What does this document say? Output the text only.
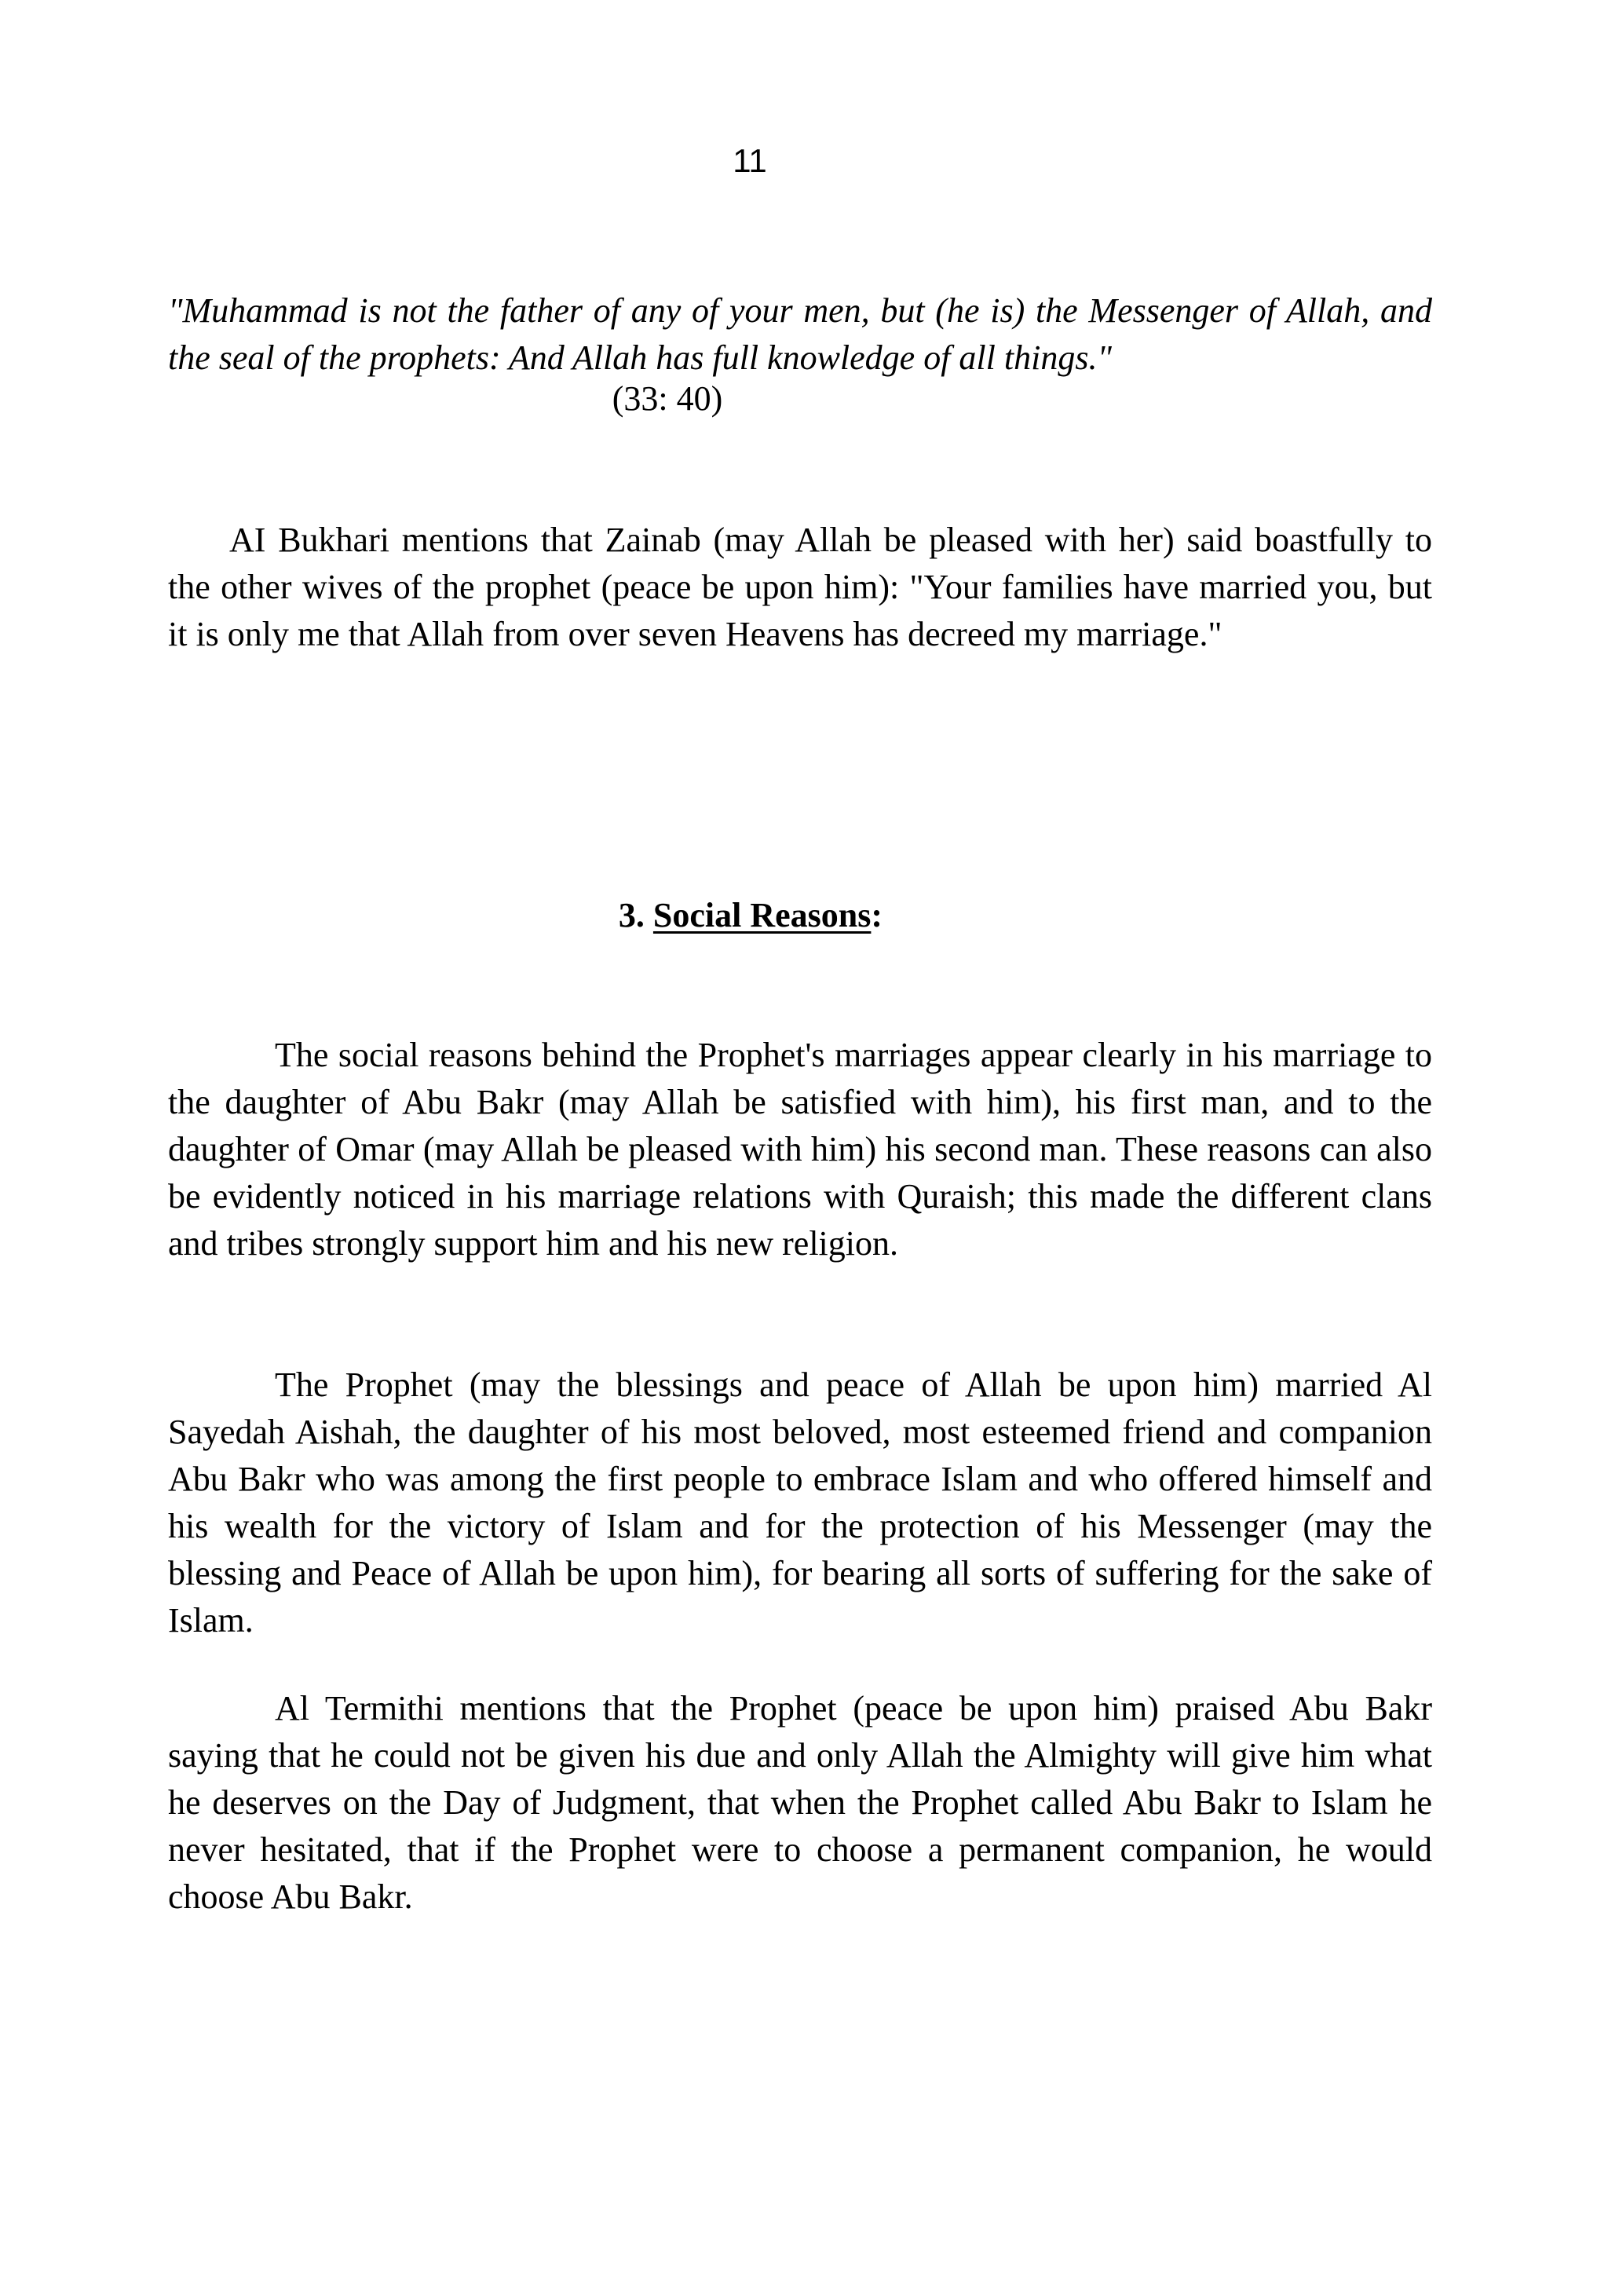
11

"Muhammad is not the father of any of your men, but (he is) the Messenger of Allah, and the seal of the prophets: And Allah has full knowledge of all things."

(33: 40)

AI Bukhari mentions that Zainab (may Allah be pleased with her) said boastfully to the other wives of the prophet (peace be upon him): "Your families have married you, but it is only me that Allah from over seven Heavens has decreed my marriage."

3. Social Reasons:

The social reasons behind the Prophet's marriages appear clearly in his marriage to the daughter of Abu Bakr (may Allah be satisfied with him), his first man, and to the daughter of Omar (may Allah be pleased with him) his second man. These reasons can also be evidently noticed in his marriage relations with Quraish; this made the different clans and tribes strongly support him and his new religion.

The Prophet (may the blessings and peace of Allah be upon him) married Al Sayedah Aishah, the daughter of his most beloved, most esteemed friend and companion Abu Bakr who was among the first people to embrace Islam and who offered himself and his wealth for the victory of Islam and for the protection of his Messenger (may the blessing and Peace of Allah be upon him), for bearing all sorts of suffering for the sake of Islam.

Al Termithi mentions that the Prophet (peace be upon him) praised Abu Bakr saying that he could not be given his due and only Allah the Almighty will give him what he deserves on the Day of Judgment, that when the Prophet called Abu Bakr to Islam he never hesitated, that if the Prophet were to choose a permanent companion, he would choose Abu Bakr.
